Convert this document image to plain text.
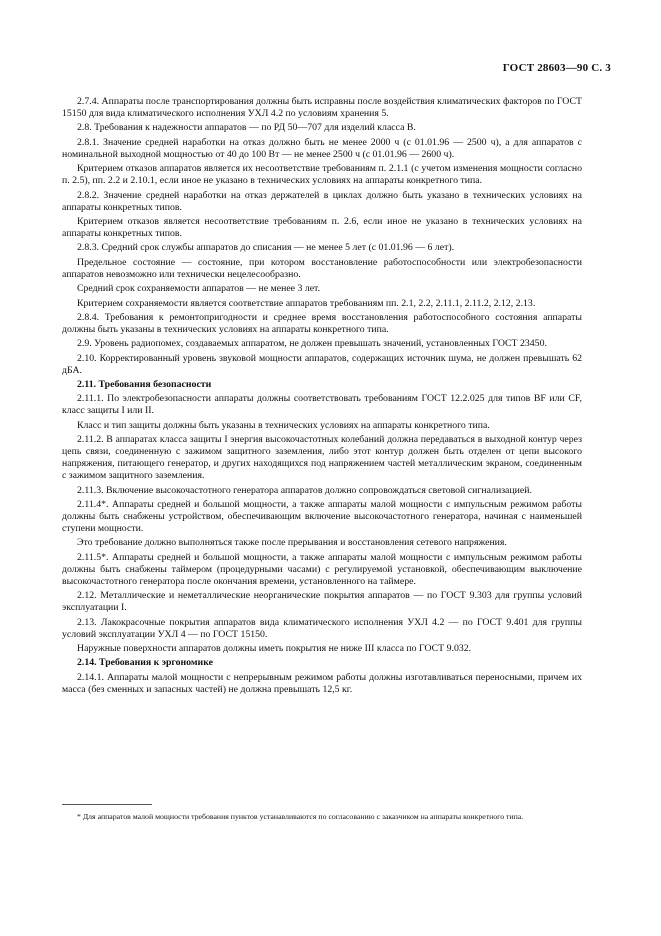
ГОСТ 28603—90 С. 3

2.7.4. Аппараты после транспортирования должны быть исправны после воздействия климатических факторов по ГОСТ 15150 для вида климатического исполнения УХЛ 4.2 по условиям хранения 5.

2.8. Требования к надежности аппаратов — по РД 50—707 для изделий класса В.

2.8.1. Значение средней наработки на отказ должно быть не менее 2000 ч (с 01.01.96 — 2500 ч), а для аппаратов с номинальной выходной мощностью от 40 до 100 Вт — не менее 2500 ч (с 01.01.96 — 2600 ч).

Критерием отказов аппаратов является их несоответствие требованиям п. 2.1.1 (с учетом изменения мощности согласно п. 2.5), пп. 2.2 и 2.10.1, если иное не указано в технических условиях на аппараты конкретного типа.

2.8.2. Значение средней наработки на отказ держателей в циклах должно быть указано в технических условиях на аппараты конкретных типов.

Критерием отказов является несоответствие требованиям п. 2.6, если иное не указано в технических условиях на аппараты конкретных типов.

2.8.3. Средний срок службы аппаратов до списания — не менее 5 лет (с 01.01.96 — 6 лет).

Предельное состояние — состояние, при котором восстановление работоспособности или электробезопасности аппаратов невозможно или технически нецелесообразно.

Средний срок сохраняемости аппаратов — не менее 3 лет.

Критерием сохраняемости является соответствие аппаратов требованиям пп. 2.1, 2.2, 2.11.1, 2.11.2, 2.12, 2.13.

2.8.4. Требования к ремонтопригодности и среднее время восстановления работоспособного состояния аппараты должны быть указаны в технических условиях на аппараты конкретного типа.

2.9. Уровень радиопомех, создаваемых аппаратом, не должен превышать значений, установленных ГОСТ 23450.

2.10. Корректированный уровень звуковой мощности аппаратов, содержащих источник шума, не должен превышать 62 дБА.

2.11. Требования безопасности

2.11.1. По электробезопасности аппараты должны соответствовать требованиям ГОСТ 12.2.025 для типов BF или CF, класс защиты I или II.

Класс и тип защиты должны быть указаны в технических условиях на аппараты конкретного типа.

2.11.2. В аппаратах класса защиты I энергия высокочастотных колебаний должна передаваться в выходной контур через цепь связи, соединенную с зажимом защитного заземления, либо этот контур должен быть отделен от цепи высокого напряжения, питающего генератор, и других находящихся под напряжением частей металлическим экраном, соединенным с зажимом защитного заземления.

2.11.3. Включение высокочастотного генератора аппаратов должно сопровождаться световой сигнализацией.

2.11.4*. Аппараты средней и большой мощности, а также аппараты малой мощности с импульсным режимом работы должны быть снабжены устройством, обеспечивающим включение высокочастотного генератора, начиная с наименьшей ступени мощности.

Это требование должно выполняться также после прерывания и восстановления сетевого напряжения.

2.11.5*. Аппараты средней и большой мощности, а также аппараты малой мощности с импульсным режимом работы должны быть снабжены таймером (процедурными часами) с регулируемой установкой, обеспечивающим выключение высокочастотного генератора после окончания времени, установленного на таймере.

2.12. Металлические и неметаллические неорганические покрытия аппаратов — по ГОСТ 9.303 для группы условий эксплуатации I.

2.13. Лакокрасочные покрытия аппаратов вида климатического исполнения УХЛ 4.2 — по ГОСТ 9.401 для группы условий эксплуатации УХЛ 4 — по ГОСТ 15150.

Наружные поверхности аппаратов должны иметь покрытия не ниже III класса по ГОСТ 9.032.

2.14. Требования к эргономике

2.14.1. Аппараты малой мощности с непрерывным режимом работы должны изготавливаться переносными, причем их масса (без сменных и запасных частей) не должна превышать 12,5 кг.

* Для аппаратов малой мощности требования пунктов устанавливаются по согласованию с заказчиком на аппараты конкретного типа.
